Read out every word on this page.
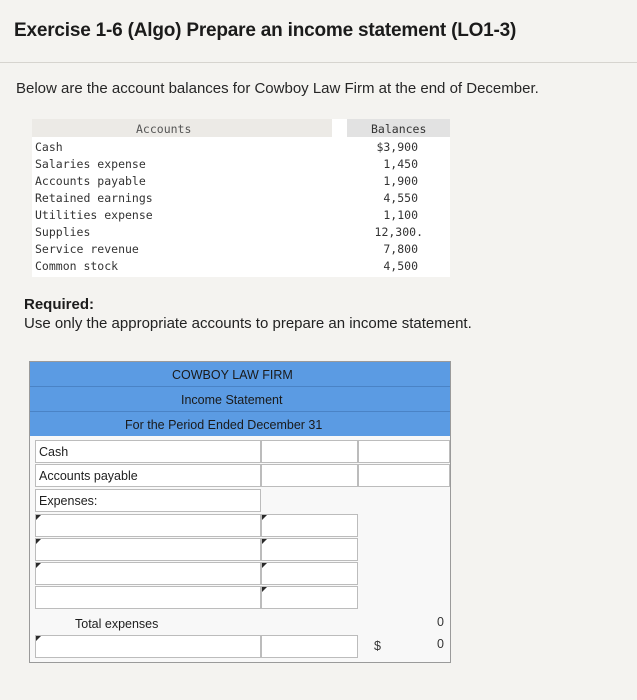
Exercise 1-6 (Algo) Prepare an income statement (LO1-3)
Below are the account balances for Cowboy Law Firm at the end of December.
Accounts	Balances
Cash	$3,900
Salaries expense	1,450
Accounts payable	1,900
Retained earnings	4,550
Utilities expense	1,100
Supplies	12,300.
Service revenue	7,800
Common stock	4,500
Required:
Use only the appropriate accounts to prepare an income statement.
COWBOY LAW FIRM
Income Statement
For the Period Ended December 31
Cash
Accounts payable
Expenses:
Total expenses	0
$	0
